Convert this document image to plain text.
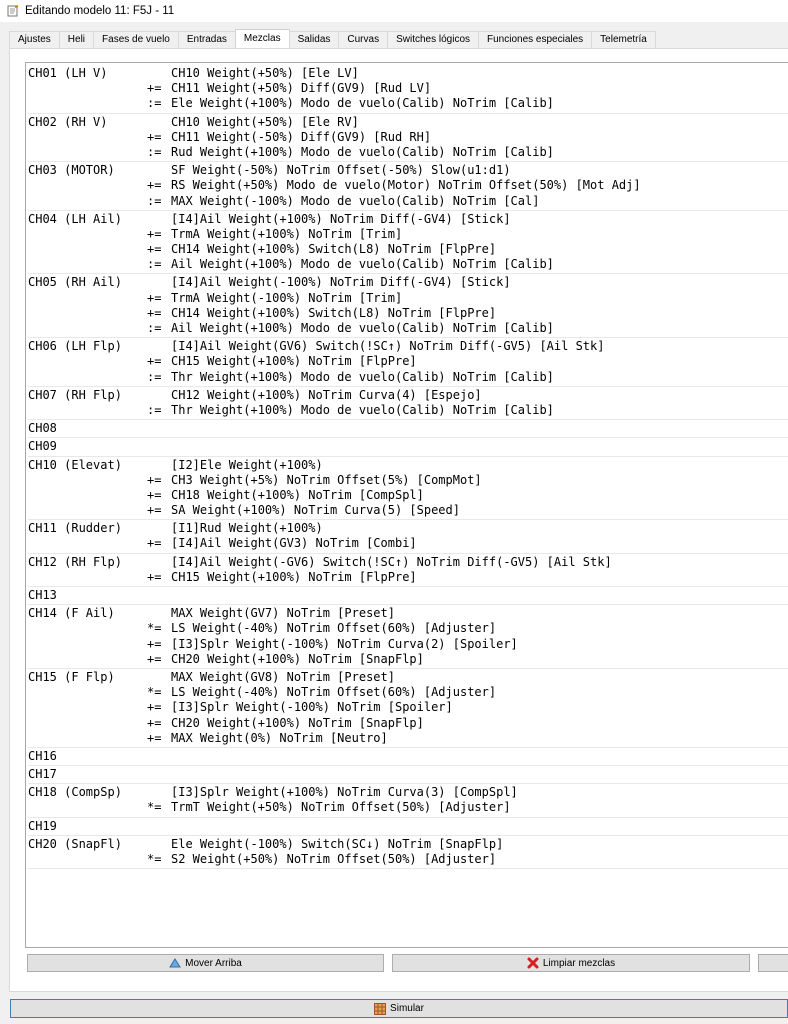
Editando modelo 11: F5J - 11
Ajustes	Heli	Fases de vuelo	Entradas	Mezclas	Salidas	Curvas	Switches lógicos	Funciones especiales	Telemetría
CH01 (LH V)	CH10 Weight(+50%) [Ele LV]
+= CH11 Weight(+50%) Diff(GV9) [Rud LV]
:= Ele Weight(+100%) Modo de vuelo(Calib) NoTrim [Calib]
CH02 (RH V)	CH10 Weight(+50%) [Ele RV]
+= CH11 Weight(-50%) Diff(GV9) [Rud RH]
:= Rud Weight(+100%) Modo de vuelo(Calib) NoTrim [Calib]
CH03 (MOTOR)	SF Weight(-50%) NoTrim Offset(-50%) Slow(u1:d1)
+= RS Weight(+50%) Modo de vuelo(Motor) NoTrim Offset(50%) [Mot Adj]
:= MAX Weight(-100%) Modo de vuelo(Calib) NoTrim [Cal]
CH04 (LH Ail)	[I4]Ail Weight(+100%) NoTrim Diff(-GV4) [Stick]
+= TrmA Weight(+100%) NoTrim [Trim]
+= CH14 Weight(+100%) Switch(L8) NoTrim [FlpPre]
:= Ail Weight(+100%) Modo de vuelo(Calib) NoTrim [Calib]
CH05 (RH Ail)	[I4]Ail Weight(-100%) NoTrim Diff(-GV4) [Stick]
+= TrmA Weight(-100%) NoTrim [Trim]
+= CH14 Weight(+100%) Switch(L8) NoTrim [FlpPre]
:= Ail Weight(+100%) Modo de vuelo(Calib) NoTrim [Calib]
CH06 (LH Flp)	[I4]Ail Weight(GV6) Switch(!SC↑) NoTrim Diff(-GV5) [Ail Stk]
+= CH15 Weight(+100%) NoTrim [FlpPre]
:= Thr Weight(+100%) Modo de vuelo(Calib) NoTrim [Calib]
CH07 (RH Flp)	CH12 Weight(+100%) NoTrim Curva(4) [Espejo]
:= Thr Weight(+100%) Modo de vuelo(Calib) NoTrim [Calib]
CH08
CH09
CH10 (Elevat)	[I2]Ele Weight(+100%)
+= CH3 Weight(+5%) NoTrim Offset(5%) [CompMot]
+= CH18 Weight(+100%) NoTrim [CompSpl]
+= SA Weight(+100%) NoTrim Curva(5) [Speed]
CH11 (Rudder)	[I1]Rud Weight(+100%)
+= [I4]Ail Weight(GV3) NoTrim [Combi]
CH12 (RH Flp)	[I4]Ail Weight(-GV6) Switch(!SC↑) NoTrim Diff(-GV5) [Ail Stk]
+= CH15 Weight(+100%) NoTrim [FlpPre]
CH13
CH14 (F Ail)	MAX Weight(GV7) NoTrim [Preset]
*= LS Weight(-40%) NoTrim Offset(60%) [Adjuster]
+= [I3]Splr Weight(-100%) NoTrim Curva(2) [Spoiler]
+= CH20 Weight(+100%) NoTrim [SnapFlp]
CH15 (F Flp)	MAX Weight(GV8) NoTrim [Preset]
*= LS Weight(-40%) NoTrim Offset(60%) [Adjuster]
+= [I3]Splr Weight(-100%) NoTrim [Spoiler]
+= CH20 Weight(+100%) NoTrim [SnapFlp]
+= MAX Weight(0%) NoTrim [Neutro]
CH16
CH17
CH18 (CompSp)	[I3]Splr Weight(+100%) NoTrim Curva(3) [CompSpl]
*= TrmT Weight(+50%) NoTrim Offset(50%) [Adjuster]
CH19
CH20 (SnapFl)	Ele Weight(-100%) Switch(SC↓) NoTrim [SnapFlp]
*= S2 Weight(+50%) NoTrim Offset(50%) [Adjuster]
Mover Arriba	Limpiar mezclas
Simular
